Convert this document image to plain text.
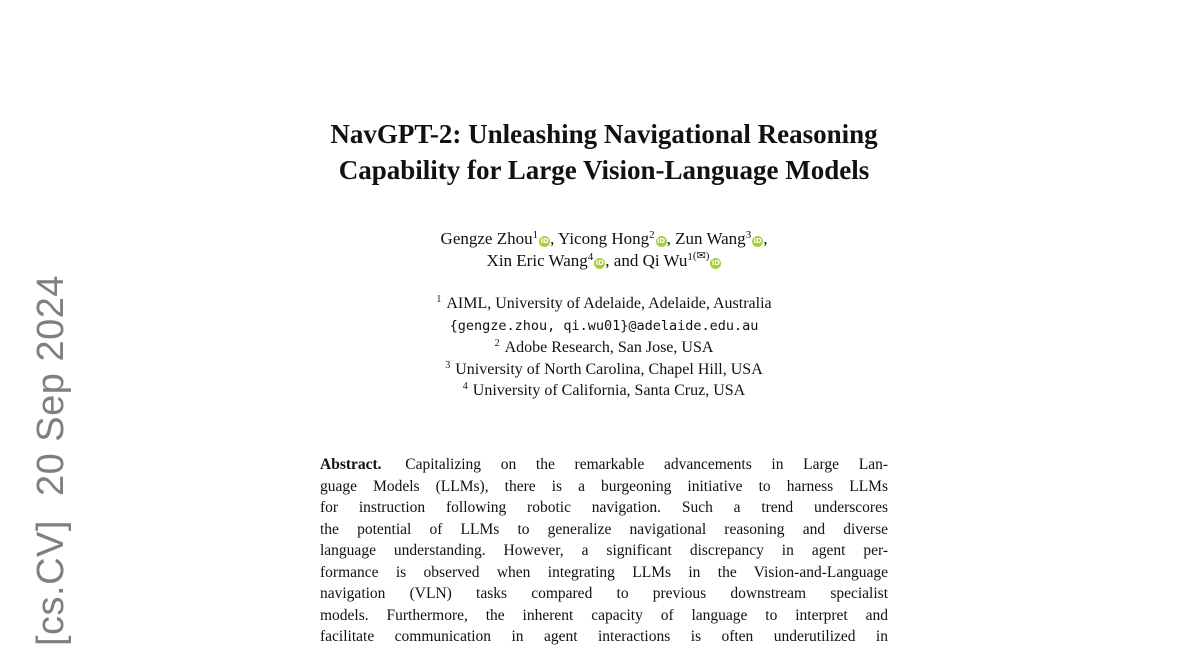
[cs.CV]20 Sep 2024
NavGPT-2: Unleashing Navigational Reasoning
Capability for Large Vision-Language Models
Gengze Zhou$^1$ iD, Yicong Hong$^2$ iD, Zun Wang$^3$ iD,
Xin Eric Wang$^4$ iD, and Qi $Wu^{1(✉)}iD$
$^1$ AIML, University of Adelaide, Adelaide, Australia
{gengze.zhou, qi.wu01}@adelaide.edu.au
$^2$ Adobe Research, San Jose, USA
$^3$ University of North Carolina, Chapel Hill, USA
$^4$ University of California, Santa Cruz, USA
Abstract. Capitalizing on the remarkable advancements in Large Lan-
guage Models (LLMs), there is a burgeoning initiative to harness LLMs
for instruction following robotic navigation. Such a trend underscores
the potential of LLMs to generalize navigational reasoning and diverse
language understanding. However, a significant discrepancy in agent per-
formance is observed when integrating LLMs in the Vision-and-Language
navigation (VLN) tasks compared to previous downstream specialist
models. Furthermore, the inherent capacity of language to interpret and
facilitate communication in agent interactions is often underutilized in
